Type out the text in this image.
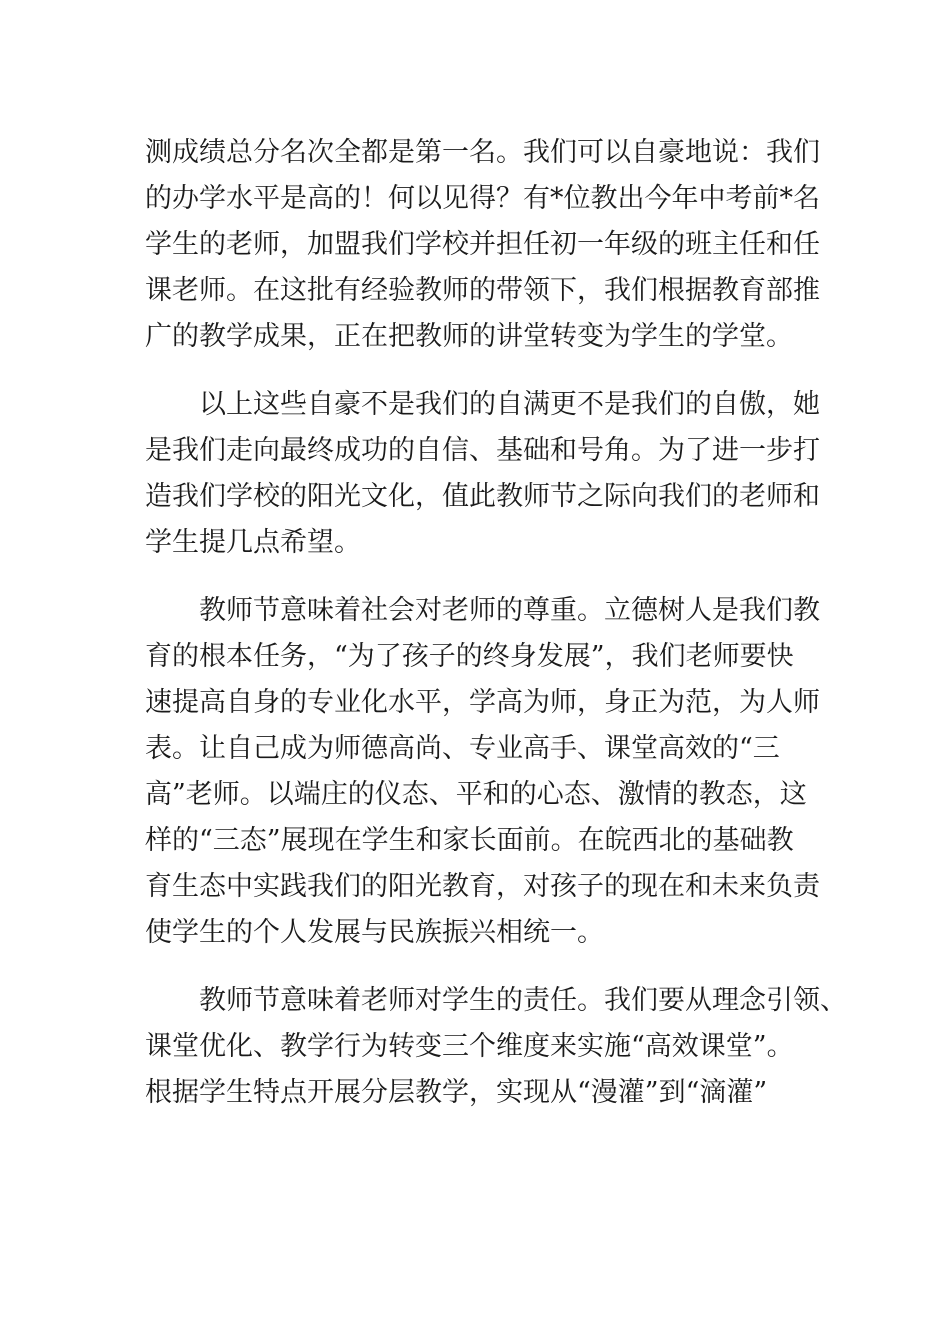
测成绩总分名次全都是第一名。我们可以自豪地说：我们
的办学水平是高的！何以见得？有*位教出今年中考前*名
学生的老师，加盟我们学校并担任初一年级的班主任和任
课老师。在这批有经验教师的带领下，我们根据教育部推
广的教学成果，正在把教师的讲堂转变为学生的学堂。
以上这些自豪不是我们的自满更不是我们的自傲，她
是我们走向最终成功的自信、基础和号角。为了进一步打
造我们学校的阳光文化，值此教师节之际向我们的老师和
学生提几点希望。
教师节意味着社会对老师的尊重。立德树人是我们教
育的根本任务，“为了孩子的终身发展”，我们老师要快
速提高自身的专业化水平，学高为师，身正为范，为人师
表。让自己成为师德高尚、专业高手、课堂高效的“三
高”老师。以端庄的仪态、平和的心态、激情的教态，这
样的“三态”展现在学生和家长面前。在皖西北的基础教
育生态中实践我们的阳光教育，对孩子的现在和未来负责
使学生的个人发展与民族振兴相统一。
教师节意味着老师对学生的责任。我们要从理念引领、
课堂优化、教学行为转变三个维度来实施“高效课堂”。
根据学生特点开展分层教学，实现从“漫灌”到“滴灌”
